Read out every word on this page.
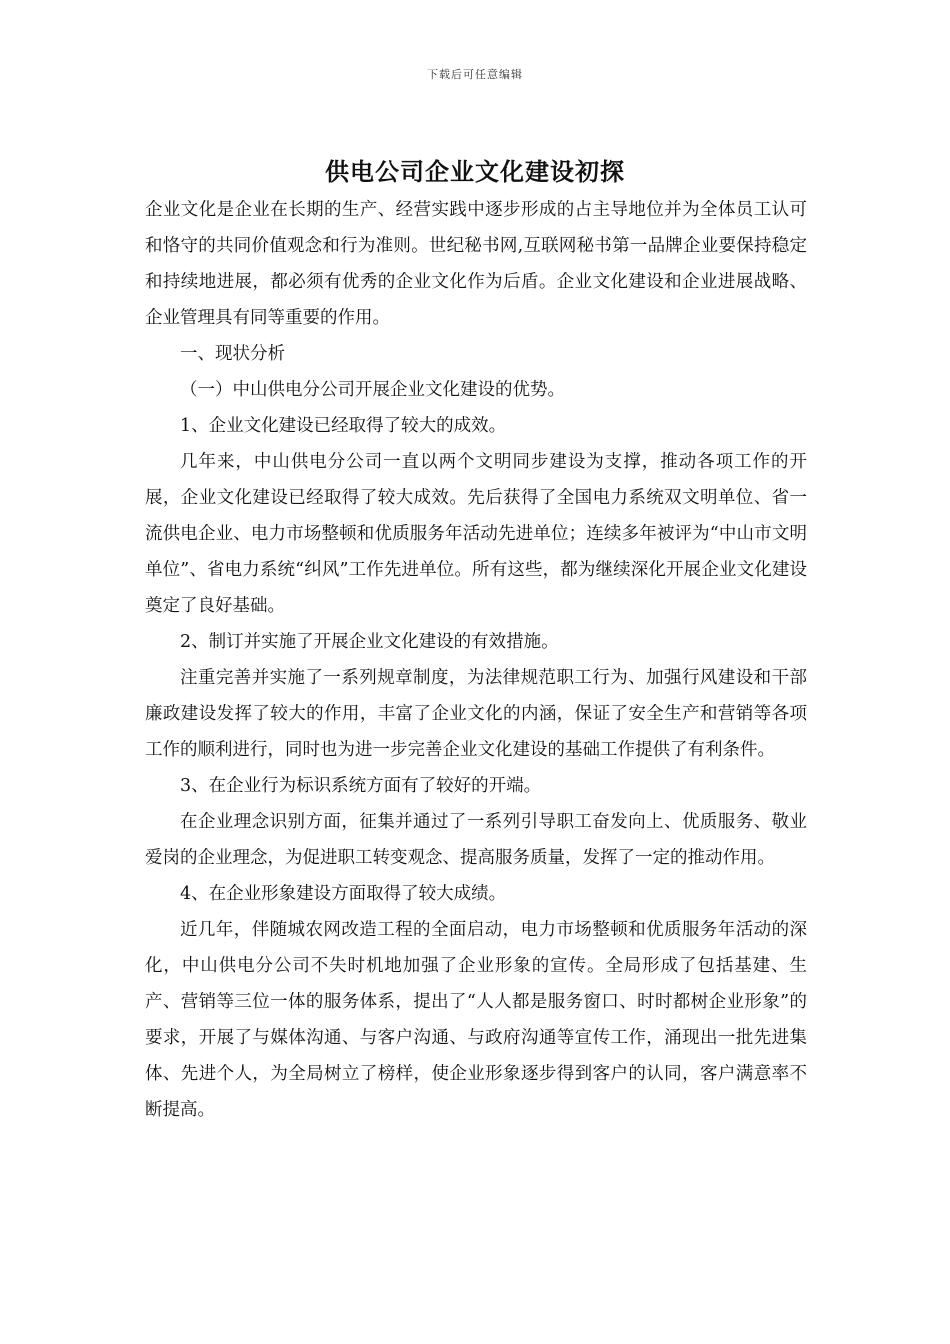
下载后可任意编辑
供电公司企业文化建设初探

企业文化是企业在长期的生产、经营实践中逐步形成的占主导地位并为全体员工认可和恪守的共同价值观念和行为准则。世纪秘书网,互联网秘书第一品牌企业要保持稳定和持续地进展，都必须有优秀的企业文化作为后盾。企业文化建设和企业进展战略、企业管理具有同等重要的作用。

一、现状分析

（一）中山供电分公司开展企业文化建设的优势。

1、企业文化建设已经取得了较大的成效。

几年来，中山供电分公司一直以两个文明同步建设为支撑，推动各项工作的开展，企业文化建设已经取得了较大成效。先后获得了全国电力系统双文明单位、省一流供电企业、电力市场整顿和优质服务年活动先进单位；连续多年被评为“中山市文明单位”、省电力系统“纠风”工作先进单位。所有这些，都为继续深化开展企业文化建设奠定了良好基础。

2、制订并实施了开展企业文化建设的有效措施。

注重完善并实施了一系列规章制度，为法律规范职工行为、加强行风建设和干部廉政建设发挥了较大的作用，丰富了企业文化的内涵，保证了安全生产和营销等各项工作的顺利进行，同时也为进一步完善企业文化建设的基础工作提供了有利条件。

3、在企业行为标识系统方面有了较好的开端。

在企业理念识别方面，征集并通过了一系列引导职工奋发向上、优质服务、敬业爱岗的企业理念，为促进职工转变观念、提高服务质量，发挥了一定的推动作用。

4、在企业形象建设方面取得了较大成绩。

近几年，伴随城农网改造工程的全面启动，电力市场整顿和优质服务年活动的深化，中山供电分公司不失时机地加强了企业形象的宣传。全局形成了包括基建、生产、营销等三位一体的服务体系，提出了“人人都是服务窗口、时时都树企业形象”的要求，开展了与媒体沟通、与客户沟通、与政府沟通等宣传工作，涌现出一批先进集体、先进个人，为全局树立了榜样，使企业形象逐步得到客户的认同，客户满意率不断提高。
